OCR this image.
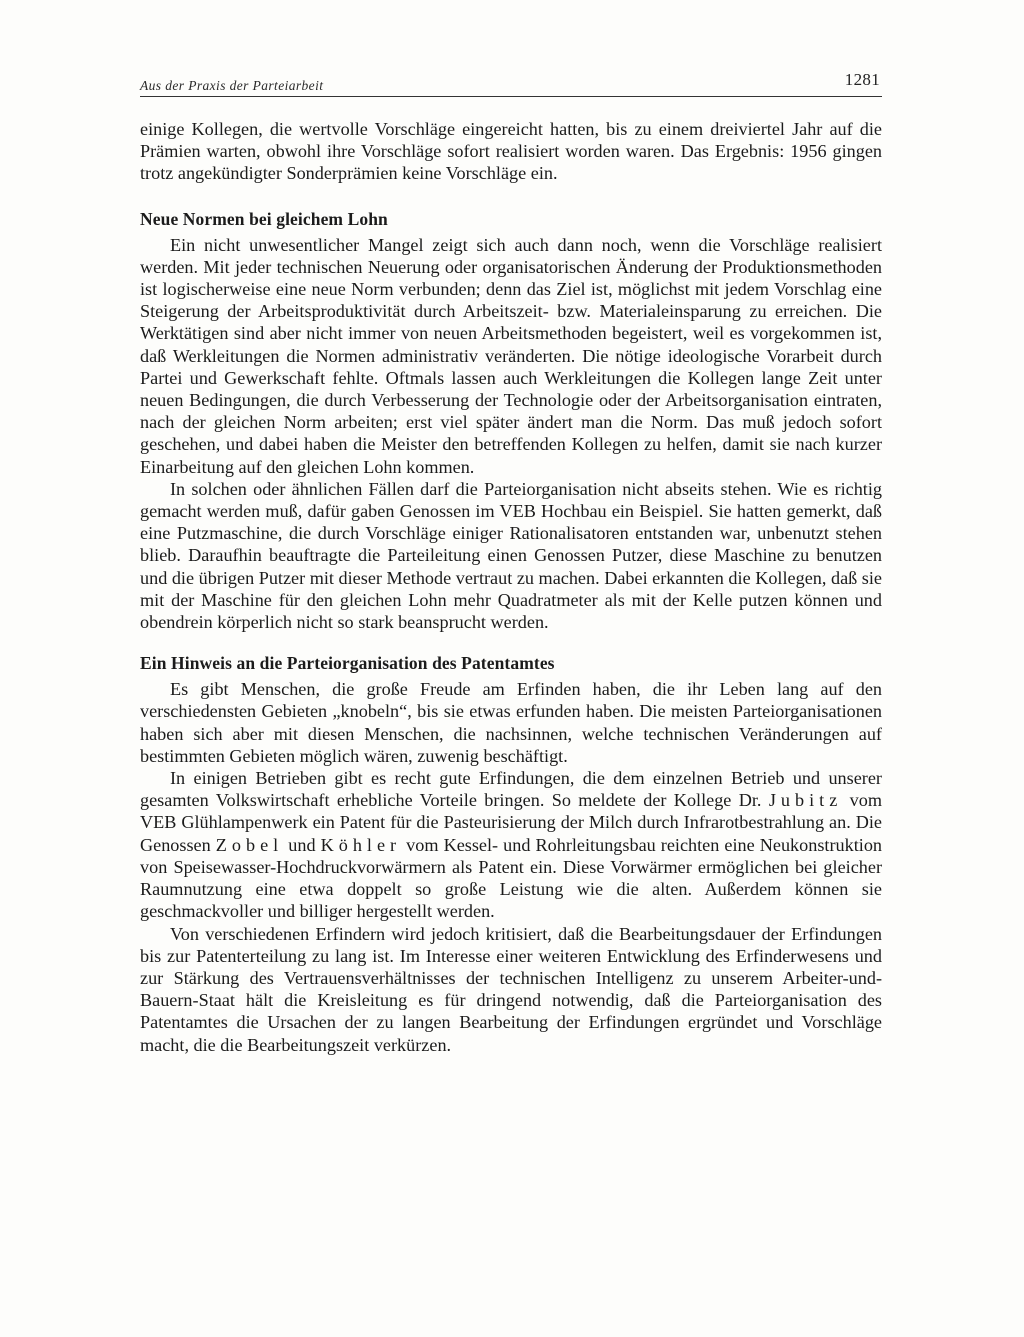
Aus der Praxis der Parteiarbeit	1281

einige Kollegen, die wertvolle Vorschläge eingereicht hatten, bis zu einem dreiviertel Jahr auf die Prämien warten, obwohl ihre Vorschläge sofort realisiert worden waren. Das Ergebnis: 1956 gingen trotz angekündigter Sonderprämien keine Vorschläge ein.

Neue Normen bei gleichem Lohn

Ein nicht unwesentlicher Mangel zeigt sich auch dann noch, wenn die Vorschläge realisiert werden. Mit jeder technischen Neuerung oder organisatorischen Änderung der Produktionsmethoden ist logischerweise eine neue Norm verbunden; denn das Ziel ist, möglichst mit jedem Vorschlag eine Steigerung der Arbeitsproduktivität durch Arbeitszeit- bzw. Materialeinsparung zu erreichen. Die Werktätigen sind aber nicht immer von neuen Arbeitsmethoden begeistert, weil es vorgekommen ist, daß Werkleitungen die Normen administrativ veränderten. Die nötige ideologische Vorarbeit durch Partei und Gewerkschaft fehlte. Oftmals lassen auch Werkleitungen die Kollegen lange Zeit unter neuen Bedingungen, die durch Verbesserung der Technologie oder der Arbeitsorganisation eintraten, nach der gleichen Norm arbeiten; erst viel später ändert man die Norm. Das muß jedoch sofort geschehen, und dabei haben die Meister den betreffenden Kollegen zu helfen, damit sie nach kurzer Einarbeitung auf den gleichen Lohn kommen.

In solchen oder ähnlichen Fällen darf die Parteiorganisation nicht abseits stehen. Wie es richtig gemacht werden muß, dafür gaben Genossen im VEB Hochbau ein Beispiel. Sie hatten gemerkt, daß eine Putzmaschine, die durch Vorschläge einiger Rationalisatoren entstanden war, unbenutzt stehen blieb. Daraufhin beauftragte die Parteileitung einen Genossen Putzer, diese Maschine zu benutzen und die übrigen Putzer mit dieser Methode vertraut zu machen. Dabei erkannten die Kollegen, daß sie mit der Maschine für den gleichen Lohn mehr Quadratmeter als mit der Kelle putzen können und obendrein körperlich nicht so stark beansprucht werden.

Ein Hinweis an die Parteiorganisation des Patentamtes

Es gibt Menschen, die große Freude am Erfinden haben, die ihr Leben lang auf den verschiedensten Gebieten „knobeln“, bis sie etwas erfunden haben. Die meisten Parteiorganisationen haben sich aber mit diesen Menschen, die nachsinnen, welche technischen Veränderungen auf bestimmten Gebieten möglich wären, zuwenig beschäftigt.

In einigen Betrieben gibt es recht gute Erfindungen, die dem einzelnen Betrieb und unserer gesamten Volkswirtschaft erhebliche Vorteile bringen. So meldete der Kollege Dr. Jubitz vom VEB Glühlampenwerk ein Patent für die Pasteurisierung der Milch durch Infrarotbestrahlung an. Die Genossen Zobel und Köhler vom Kessel- und Rohrleitungsbau reichten eine Neukonstruktion von Speisewasser-Hochdruckvorwärmern als Patent ein. Diese Vorwärmer ermöglichen bei gleicher Raumnutzung eine etwa doppelt so große Leistung wie die alten. Außerdem können sie geschmackvoller und billiger hergestellt werden.

Von verschiedenen Erfindern wird jedoch kritisiert, daß die Bearbeitungsdauer der Erfindungen bis zur Patenterteilung zu lang ist. Im Interesse einer weiteren Entwicklung des Erfinderwesens und zur Stärkung des Vertrauensverhältnisses der technischen Intelligenz zu unserem Arbeiter-und-Bauern-Staat hält die Kreisleitung es für dringend notwendig, daß die Parteiorganisation des Patentamtes die Ursachen der zu langen Bearbeitung der Erfindungen ergründet und Vorschläge macht, die die Bearbeitungszeit verkürzen.
